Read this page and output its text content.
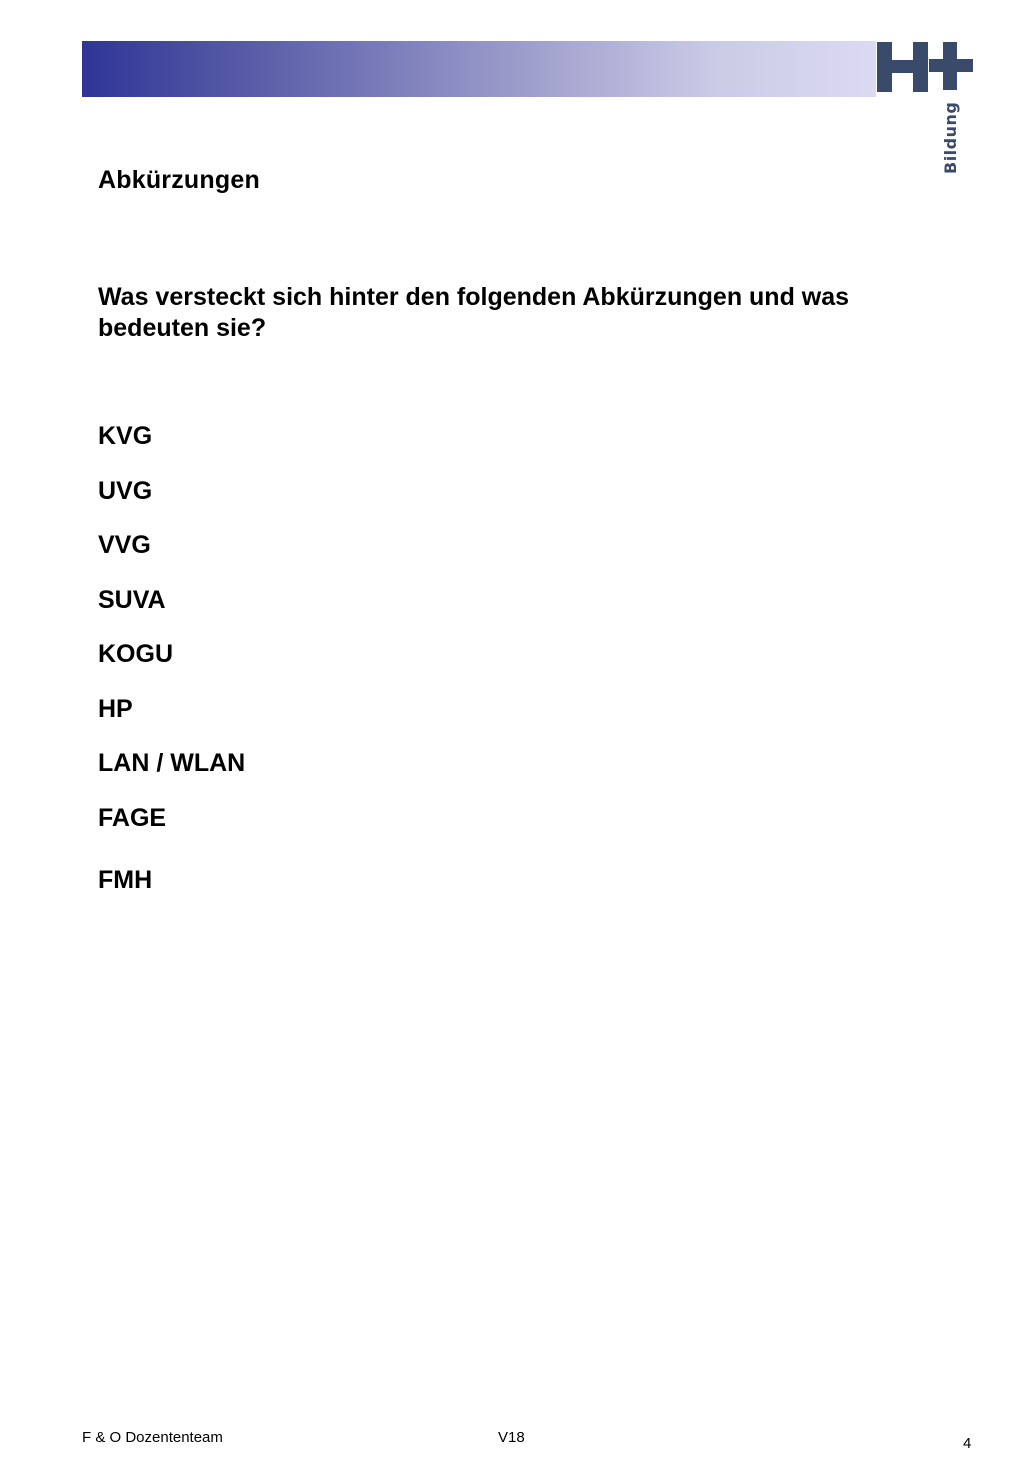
Bildung
Abkürzungen
Was versteckt sich hinter den folgenden Abkürzungen und was bedeuten sie?
KVG
UVG
VVG
SUVA
KOGU
HP
LAN / WLAN
FAGE
FMH
F & O Dozententeam	V18	4
